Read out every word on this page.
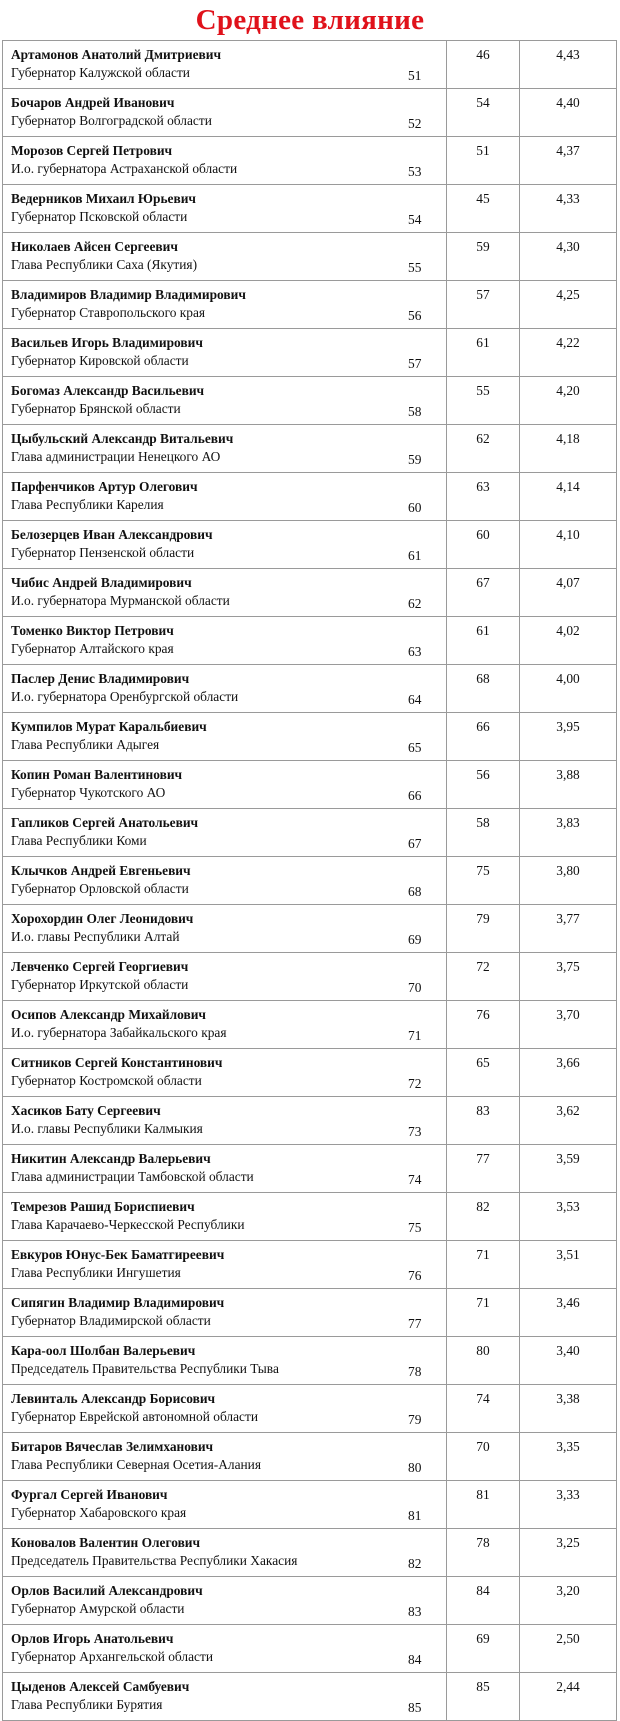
Среднее влияние
Артамонов Анатолий Дмитриевич
Губернатор Калужской области	51	46	4,43

Бочаров Андрей Иванович
Губернатор Волгоградской области	52	54	4,40

Морозов Сергей Петрович
И.о. губернатора Астраханской области	53	51	4,37

Ведерников Михаил Юрьевич
Губернатор Псковской области	54	45	4,33

Николаев Айсен Сергеевич
Глава Республики Саха (Якутия)	55	59	4,30

Владимиров Владимир Владимирович
Губернатор Ставропольского края	56	57	4,25

Васильев Игорь Владимирович
Губернатор Кировской области	57	61	4,22

Богомаз Александр Васильевич
Губернатор Брянской области	58	55	4,20

Цыбульский Александр Витальевич
Глава администрации Ненецкого АО	59	62	4,18

Парфенчиков Артур Олегович
Глава Республики Карелия	60	63	4,14

Белозерцев Иван Александрович
Губернатор Пензенской области	61	60	4,10

Чибис Андрей Владимирович
И.о. губернатора Мурманской области	62	67	4,07

Томенко Виктор Петрович
Губернатор Алтайского края	63	61	4,02

Паслер Денис Владимирович
И.о. губернатора Оренбургской области	64	68	4,00

Кумпилов Мурат Каральбиевич
Глава Республики Адыгея	65	66	3,95

Копин Роман Валентинович
Губернатор Чукотского АО	66	56	3,88

Гапликов Сергей Анатольевич
Глава Республики Коми	67	58	3,83

Клычков Андрей Евгеньевич
Губернатор Орловской области	68	75	3,80

Хорохордин Олег Леонидович
И.о. главы Республики Алтай	69	79	3,77

Левченко Сергей Георгиевич
Губернатор Иркутской области	70	72	3,75

Осипов Александр Михайлович
И.о. губернатора Забайкальского края	71	76	3,70

Ситников Сергей Константинович
Губернатор Костромской области	72	65	3,66

Хасиков Бату Сергеевич
И.о. главы Республики Калмыкия	73	83	3,62

Никитин Александр Валерьевич
Глава администрации Тамбовской области	74	77	3,59

Темрезов Рашид Бориспиевич
Глава Карачаево-Черкесской Республики	75	82	3,53

Евкуров Юнус-Бек Баматгиреевич
Глава Республики Ингушетия	76	71	3,51

Сипягин Владимир Владимирович
Губернатор Владимирской области	77	71	3,46

Кара-оол Шолбан Валерьевич
Председатель Правительства Республики Тыва	78	80	3,40

Левинталь Александр Борисович
Губернатор Еврейской автономной области	79	74	3,38

Битаров Вячеслав Зелимханович
Глава Республики Северная Осетия-Алания	80	70	3,35

Фургал Сергей Иванович
Губернатор Хабаровского края	81	81	3,33

Коновалов Валентин Олегович
Председатель Правительства Республики Хакасия	82	78	3,25

Орлов Василий Александрович
Губернатор Амурской области	83	84	3,20

Орлов Игорь Анатольевич
Губернатор Архангельской области	84	69	2,50

Цыденов Алексей Самбуевич
Глава Республики Бурятия	85	85	2,44
